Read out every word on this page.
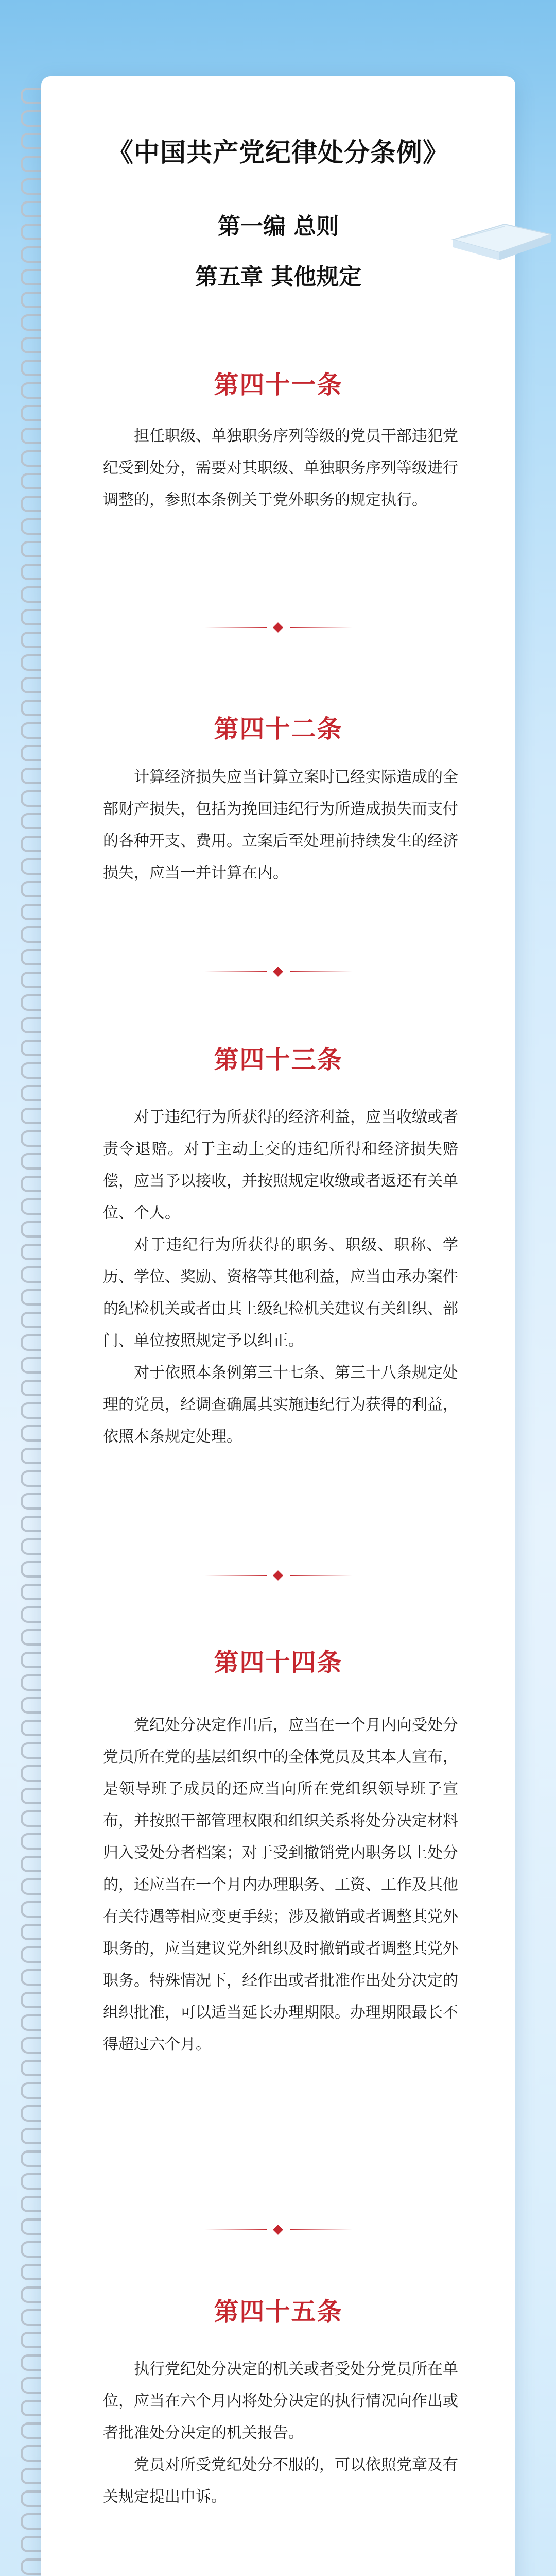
《中国共产党纪律处分条例》
第一编 总则
第五章 其他规定
第四十一条

担任职级、单独职务序列等级的党员干部违犯党纪受到处分，需要对其职级、单独职务序列等级进行调整的，参照本条例关于党外职务的规定执行。

第四十二条

计算经济损失应当计算立案时已经实际造成的全部财产损失，包括为挽回违纪行为所造成损失而支付的各种开支、费用。立案后至处理前持续发生的经济损失，应当一并计算在内。

第四十三条

对于违纪行为所获得的经济利益，应当收缴或者责令退赔。对于主动上交的违纪所得和经济损失赔偿，应当予以接收，并按照规定收缴或者返还有关单位、个人。

对于违纪行为所获得的职务、职级、职称、学历、学位、奖励、资格等其他利益，应当由承办案件的纪检机关或者由其上级纪检机关建议有关组织、部门、单位按照规定予以纠正。

对于依照本条例第三十七条、第三十八条规定处理的党员，经调查确属其实施违纪行为获得的利益，依照本条规定处理。

第四十四条

党纪处分决定作出后，应当在一个月内向受处分党员所在党的基层组织中的全体党员及其本人宣布，是领导班子成员的还应当向所在党组织领导班子宣布，并按照干部管理权限和组织关系将处分决定材料归入受处分者档案；对于受到撤销党内职务以上处分的，还应当在一个月内办理职务、工资、工作及其他有关待遇等相应变更手续；涉及撤销或者调整其党外职务的，应当建议党外组织及时撤销或者调整其党外职务。特殊情况下，经作出或者批准作出处分决定的组织批准，可以适当延长办理期限。办理期限最长不得超过六个月。

第四十五条

执行党纪处分决定的机关或者受处分党员所在单位，应当在六个月内将处分决定的执行情况向作出或者批准处分决定的机关报告。

党员对所受党纪处分不服的，可以依照党章及有关规定提出申诉。
